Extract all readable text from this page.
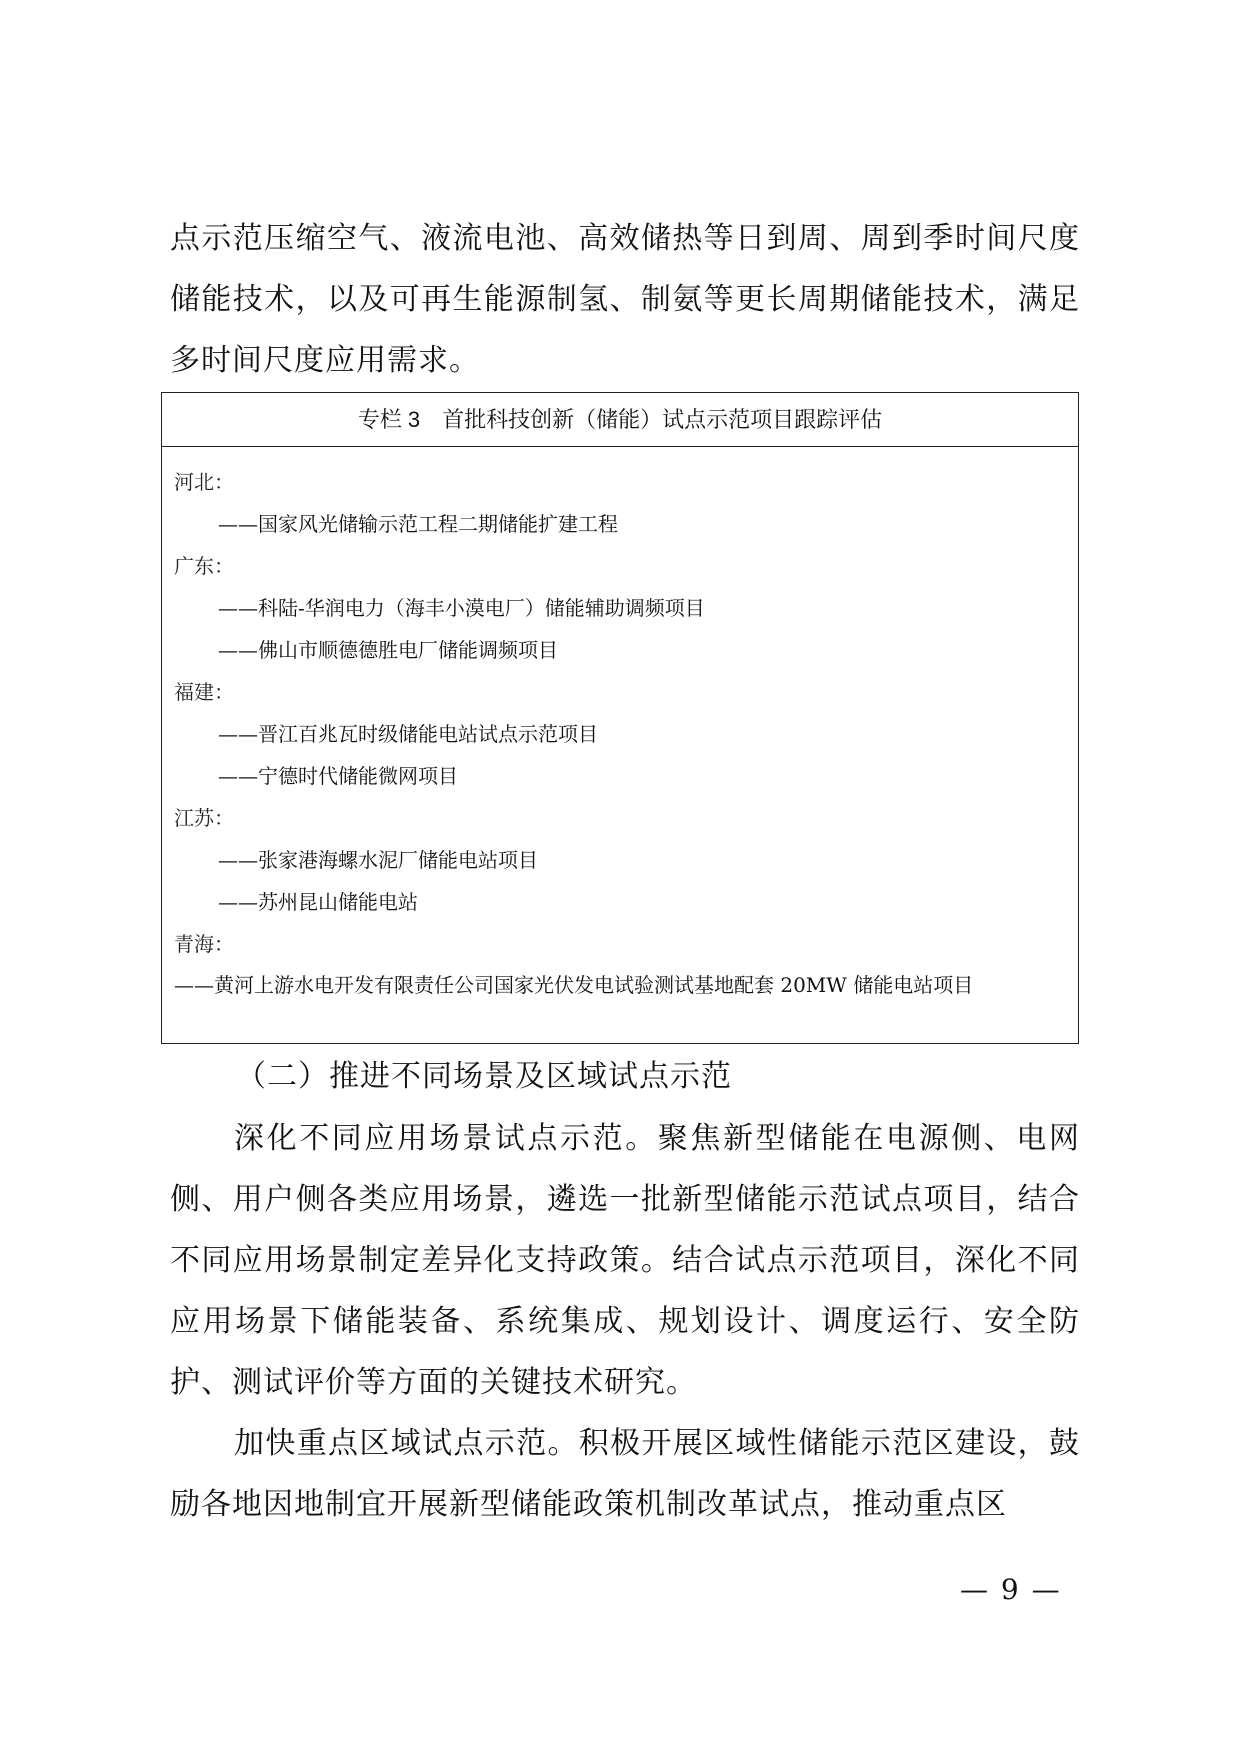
点示范压缩空气、液流电池、高效储热等日到周、周到季时间尺度储能技术，以及可再生能源制氢、制氨等更长周期储能技术，满足多时间尺度应用需求。

专栏 3 首批科技创新（储能）试点示范项目跟踪评估
河北：
——国家风光储输示范工程二期储能扩建工程
广东：
——科陆-华润电力（海丰小漠电厂）储能辅助调频项目
——佛山市顺德德胜电厂储能调频项目
福建：
——晋江百兆瓦时级储能电站试点示范项目
——宁德时代储能微网项目
江苏：
——张家港海螺水泥厂储能电站项目
——苏州昆山储能电站
青海：
——黄河上游水电开发有限责任公司国家光伏发电试验测试基地配套 20MW 储能电站项目

（二）推进不同场景及区域试点示范

深化不同应用场景试点示范。聚焦新型储能在电源侧、电网侧、用户侧各类应用场景，遴选一批新型储能示范试点项目，结合不同应用场景制定差异化支持政策。结合试点示范项目，深化不同应用场景下储能装备、系统集成、规划设计、调度运行、安全防护、测试评价等方面的关键技术研究。

加快重点区域试点示范。积极开展区域性储能示范区建设，鼓励各地因地制宜开展新型储能政策机制改革试点，推动重点区

— 9 —
